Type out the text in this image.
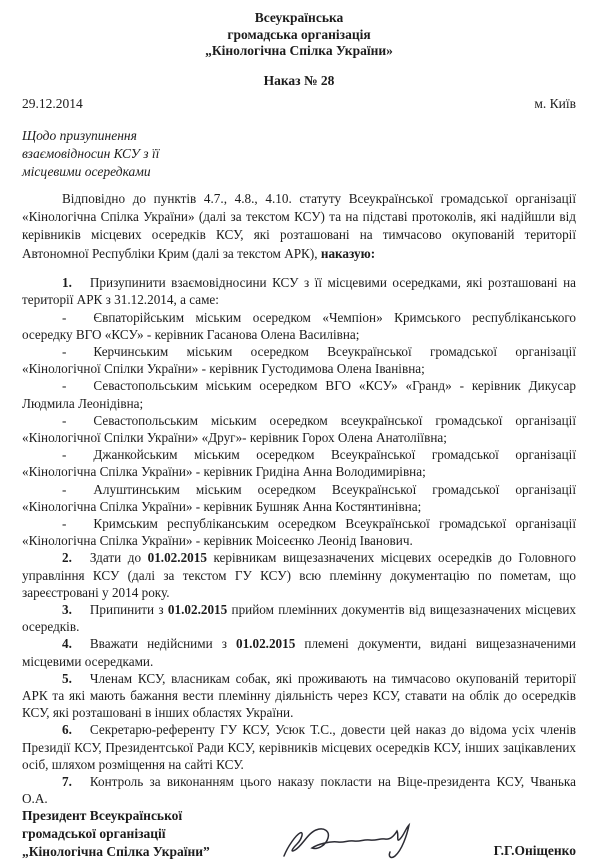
Всеукраїнська
громадська організація
„Кінологічна Спілка України»
Наказ № 28
29.12.2014	м. Київ
Щодо призупинення
взаємовідносин КСУ з її
місцевими осередками

Відповідно до пунктів 4.7., 4.8., 4.10. статуту Всеукраїнської громадської організації «Кінологічна Спілка України» (далі за текстом КСУ) та на підставі протоколів, які надійшли від керівників місцевих осередків КСУ, які розташовані на тимчасово окупованій території Автономної Республіки Крим (далі за текстом АРК), наказую:

1. Призупинити взаємовідносини КСУ з її місцевими осередками, які розташовані на території АРК з 31.12.2014, а саме:

- Євпаторійським міським осередком «Чемпіон» Кримського республіканського осередку ВГО «КСУ» - керівник Гасанова Олена Василівна;

- Керчинським міським осередком Всеукраїнської громадської організації «Кінологічної Спілки України» - керівник Густодимова Олена Іванівна;

- Севастопольським міським осередком ВГО «КСУ» «Гранд» - керівник Дикусар Людмила Леонідівна;

- Севастопольським міським осередком всеукраїнської громадської організації «Кінологічної Спілки України» «Друг»- керівник Горох Олена Анатоліївна;

- Джанкойським міським осередком Всеукраїнської громадської організації «Кінологічна Спілка України» - керівник Гридіна Анна Володимирівна;

- Алуштинським міським осередком Всеукраїнської громадської організації «Кінологічна Спілка України» - керівник Бушняк Анна Костянтинівна;

- Кримським республіканським осередком Всеукраїнської громадської організації «Кінологічна Спілка України» - керівник Моісеєнко Леонід Іванович.

2. Здати до 01.02.2015 керівникам вищезазначених місцевих осередків до Головного управління КСУ (далі за текстом ГУ КСУ) всю племінну документацію по пометам, що зареєстровані у 2014 року.

3. Припинити з 01.02.2015 прийом племінних документів від вищезазначених місцевих осередків.

4. Вважати недійсними з 01.02.2015 племені документи, видані вищезазначеними місцевими осередками.

5. Членам КСУ, власникам собак, які проживають на тимчасово окупованій території АРК та які мають бажання вести племінну діяльність через КСУ, ставати на облік до осередків КСУ, які розташовані в інших областях України.

6. Секретарю-референту ГУ КСУ, Усюк Т.С., довести цей наказ до відома усіх членів Президії КСУ, Президентської Ради КСУ, керівників місцевих осередків КСУ, інших зацікавлених осіб, шляхом розміщення на сайті КСУ.

7. Контроль за виконанням цього наказу покласти на Віце-президента КСУ, Чванька О.А.

Президент Всеукраїнської
громадської організації
„Кінологічна Спілка України”	Г.Г.Оніщенко
